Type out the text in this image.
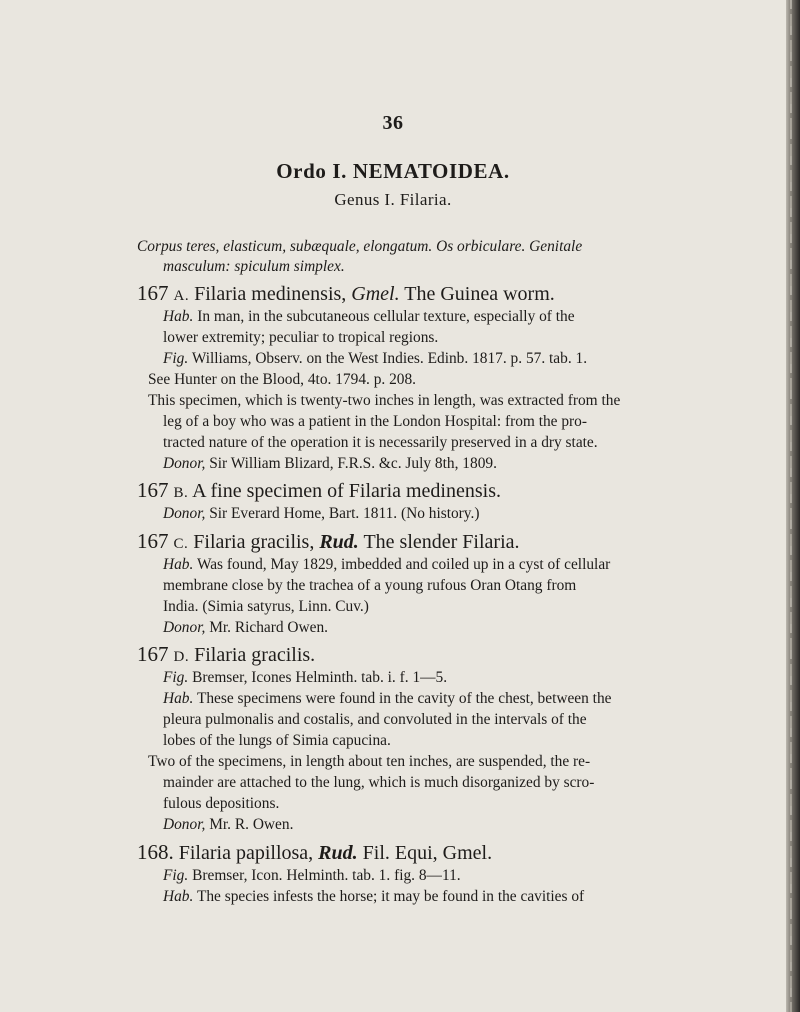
36
Ordo I. NEMATOIDEA.
Genus I. Filaria.
Corpus teres, elasticum, subæquale, elongatum. Os orbiculare. Genitale
masculum: spiculum simplex.
167 A. Filaria medinensis, Gmel. The Guinea worm.
Hab. In man, in the subcutaneous cellular texture, especially of the
lower extremity; peculiar to tropical regions.
Fig. Williams, Observ. on the West Indies. Edinb. 1817. p. 57. tab. 1.
See Hunter on the Blood, 4to. 1794. p. 208.
This specimen, which is twenty-two inches in length, was extracted from the
leg of a boy who was a patient in the London Hospital: from the pro-
tracted nature of the operation it is necessarily preserved in a dry state.
Donor, Sir William Blizard, F.R.S. &c. July 8th, 1809.
167 B. A fine specimen of Filaria medinensis.
Donor, Sir Everard Home, Bart. 1811. (No history.)
167 C. Filaria gracilis, Rud. The slender Filaria.
Hab. Was found, May 1829, imbedded and coiled up in a cyst of cellular
membrane close by the trachea of a young rufous Oran Otang from
India. (Simia satyrus, Linn. Cuv.)
Donor, Mr. Richard Owen.
167 D. Filaria gracilis.
Fig. Bremser, Icones Helminth. tab. i. f. 1—5.
Hab. These specimens were found in the cavity of the chest, between the
pleura pulmonalis and costalis, and convoluted in the intervals of the
lobes of the lungs of Simia capucina.
Two of the specimens, in length about ten inches, are suspended, the re-
mainder are attached to the lung, which is much disorganized by scro-
fulous depositions.
Donor, Mr. R. Owen.
168. Filaria papillosa, Rud. Fil. Equi, Gmel.
Fig. Bremser, Icon. Helminth. tab. 1. fig. 8—11.
Hab. The species infests the horse; it may be found in the cavities of
